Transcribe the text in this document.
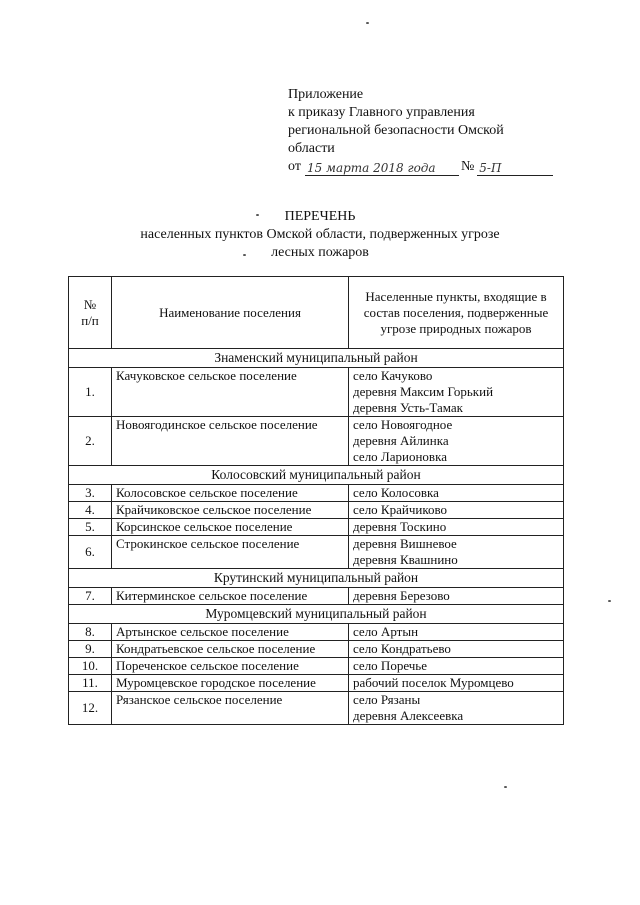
Приложение
к приказу Главного управления
региональной безопасности Омской
области
от 15 марта 2018 года	№ 5-П
ПЕРЕЧЕНЬ
населенных пунктов Омской области, подверженных угрозе
лесных пожаров
№ п/п	Наименование поселения	Населенные пункты, входящие в состав поселения, подверженные угрозе природных пожаров
Знаменский муниципальный район		
1.	Качуковское сельское поселение	село Качуково
деревня Максим Горький
деревня Усть-Тамак

2.	Новоягодинское сельское поселение	село Новоягодное
деревня Айлинка
село Ларионовка

Колосовский муниципальный район		
3.	Колосовское сельское поселение	село Колосовка

4.	Крайчиковское сельское поселение	село Крайчиково

5.	Корсинское сельское поселение	деревня Тоскино

6.	Строкинское сельское поселение	деревня Вишневое
деревня Квашнино

Крутинский муниципальный район		
7.	Китерминское сельское поселение	деревня Березово

Муромцевский муниципальный район		
8.	Артынское сельское поселение	село Артын

9.	Кондратьевское сельское поселение	село Кондратьево

10.	Пореченское сельское поселение	село Поречье

11.	Муромцевское городское поселение	рабочий поселок Муромцево

12.	Рязанское сельское поселение	село Рязаны
деревня Алексеевка
